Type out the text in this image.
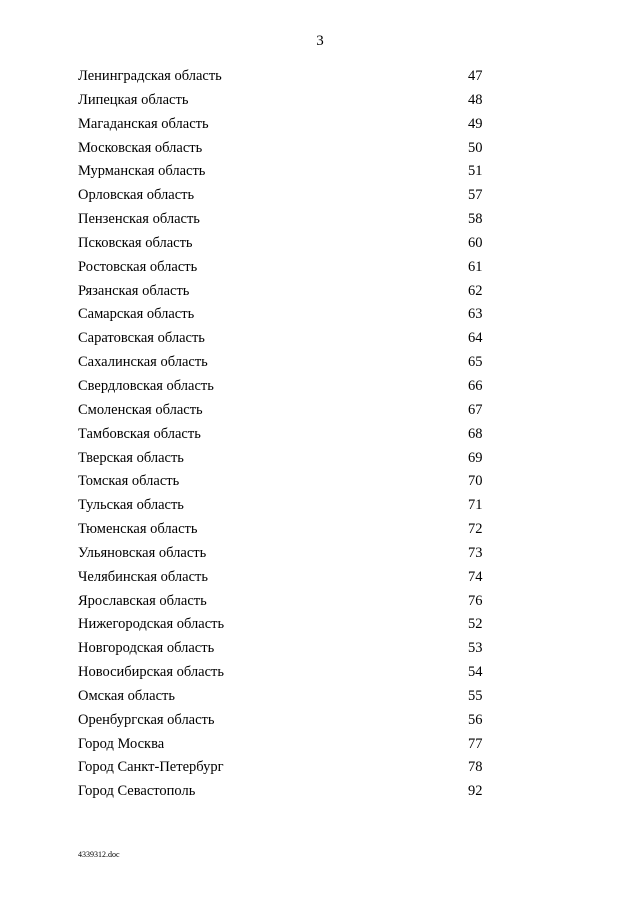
3
Ленинградская область	47
Липецкая область	48
Магаданская область	49
Московская область	50
Мурманская область	51
Орловская область	57
Пензенская область	58
Псковская область	60
Ростовская область	61
Рязанская область	62
Самарская область	63
Саратовская область	64
Сахалинская область	65
Свердловская область	66
Смоленская область	67
Тамбовская область	68
Тверская область	69
Томская область	70
Тульская область	71
Тюменская область	72
Ульяновская область	73
Челябинская область	74
Ярославская область	76
Нижегородская область	52
Новгородская область	53
Новосибирская область	54
Омская область	55
Оренбургская область	56
Город Москва	77
Город Санкт-Петербург	78
Город Севастополь	92
4339312.doc
